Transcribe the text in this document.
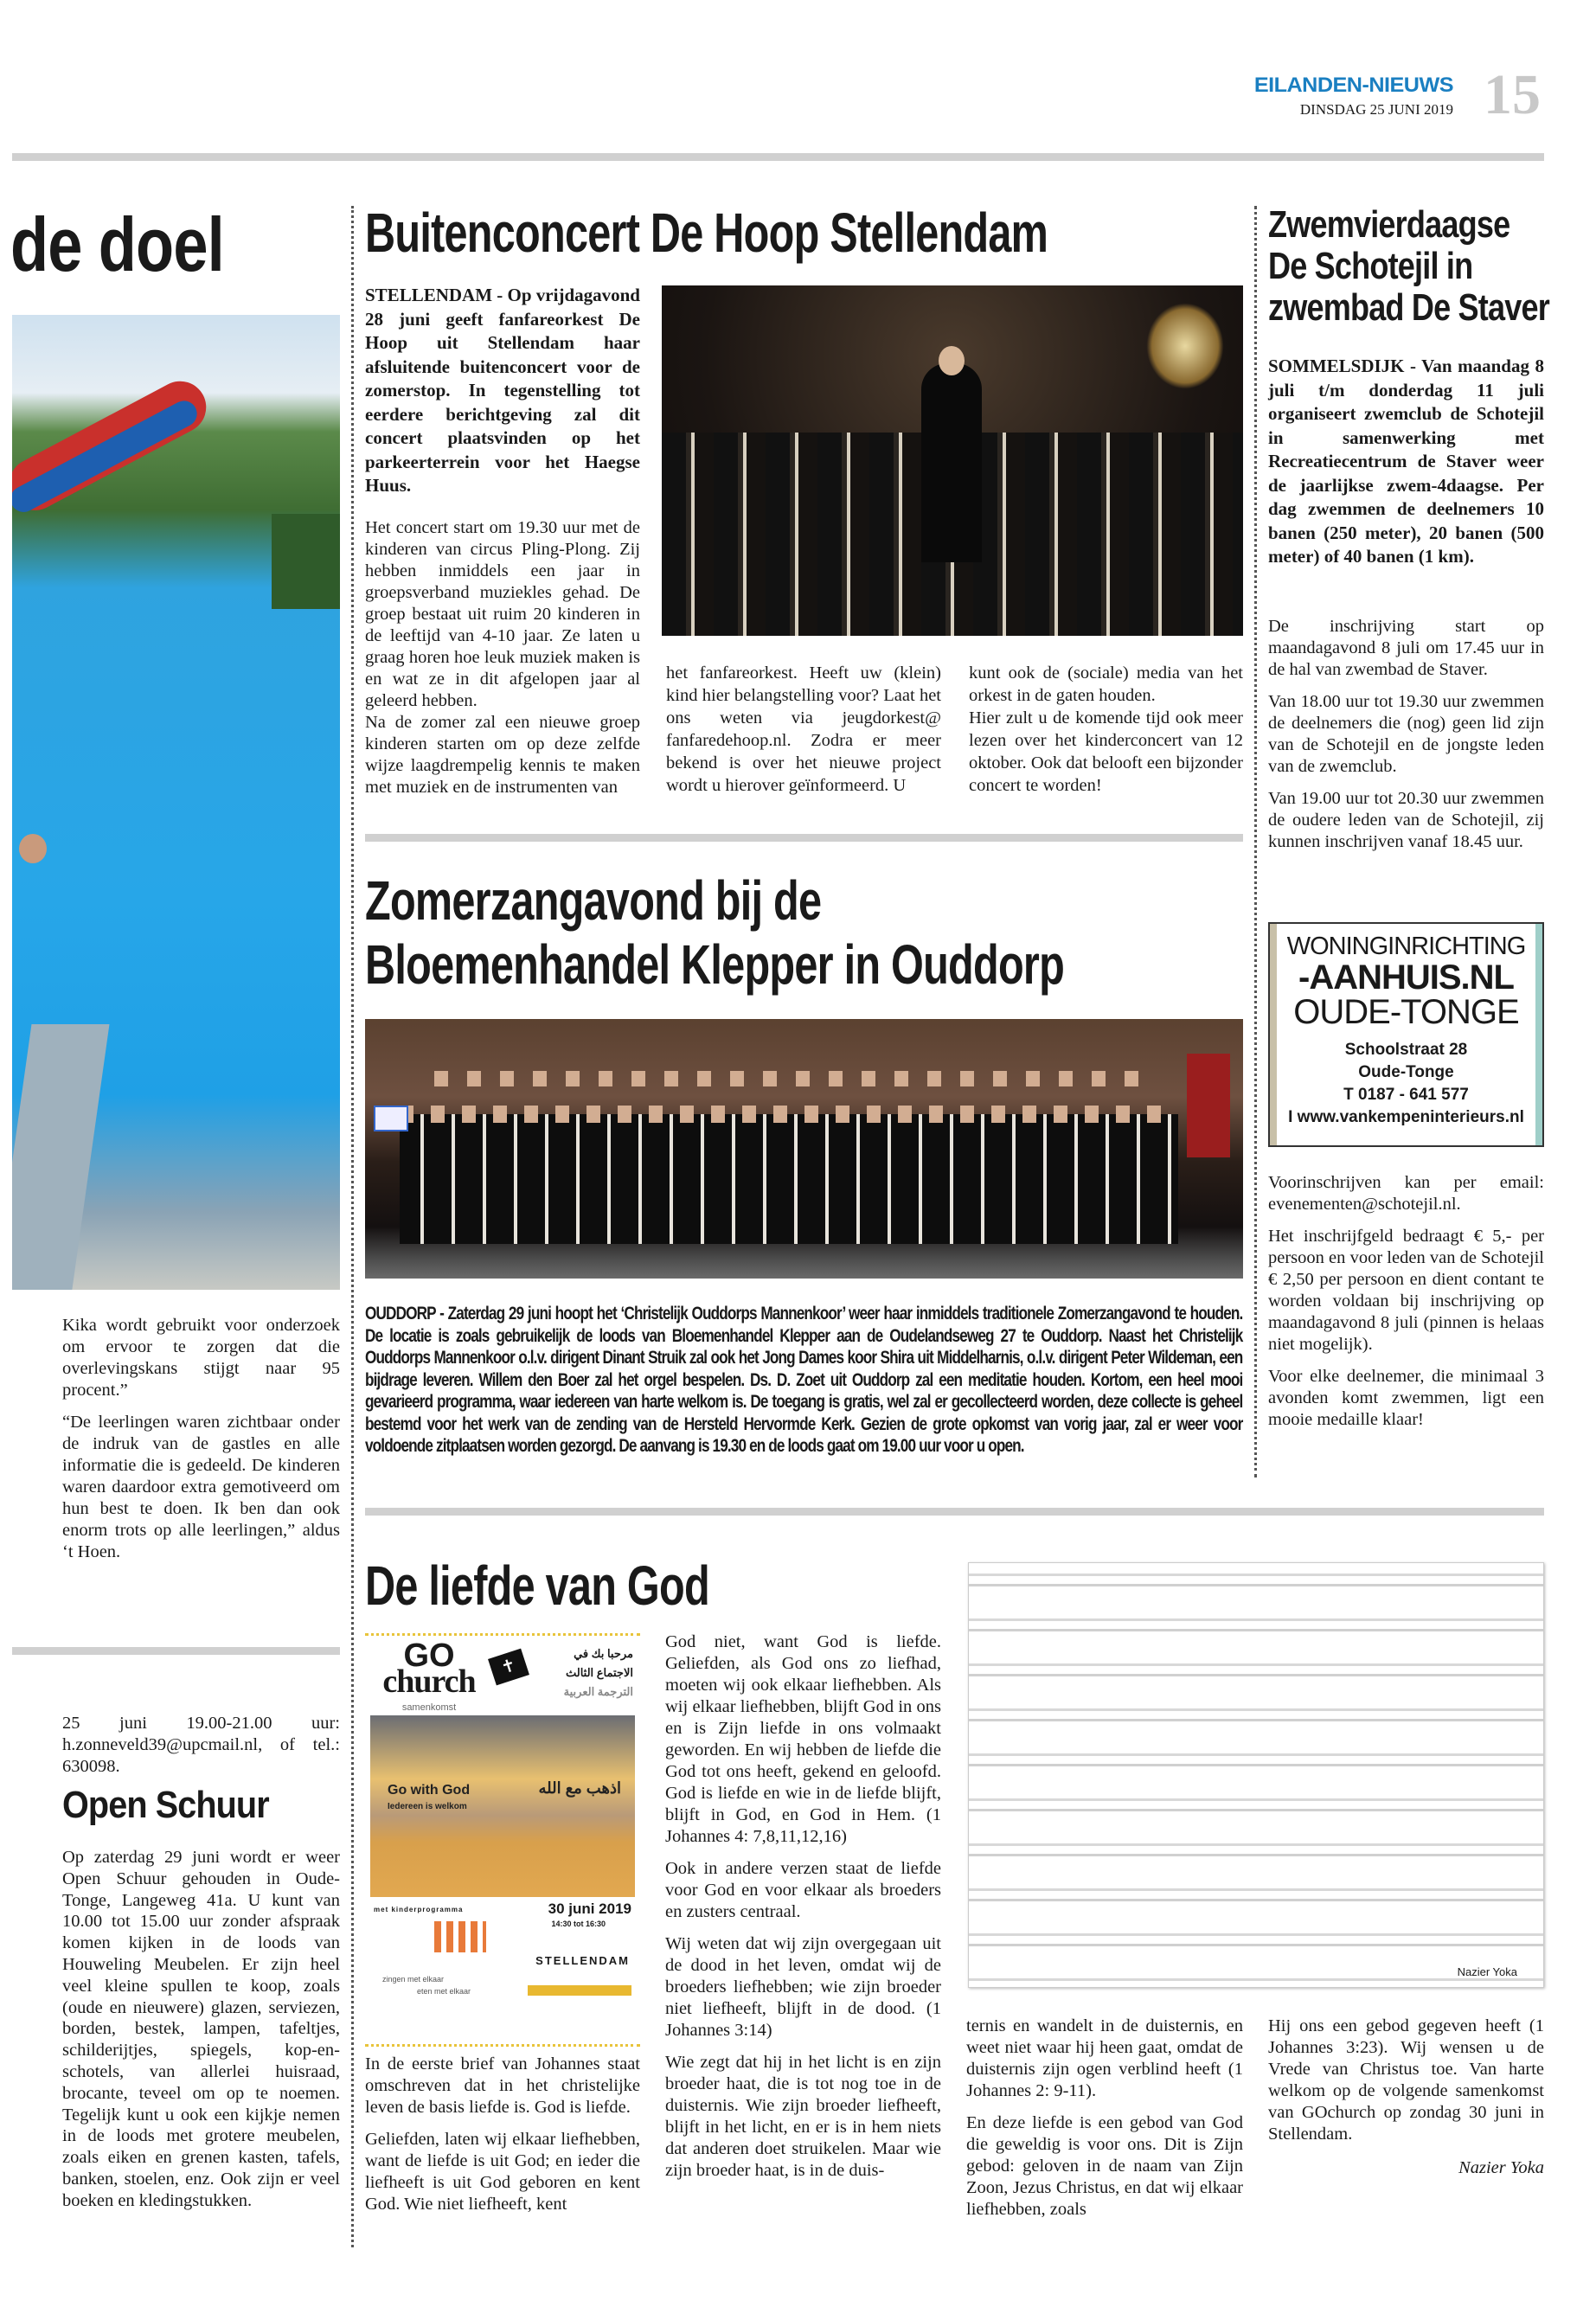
EILANDEN-NIEUWS
DINSDAG 25 JUNI 2019 15
de doel

Kika wordt gebruikt voor onderzoek om ervoor te zorgen dat die overlevingskans stijgt naar 95 procent.”

“De leerlingen waren zichtbaar onder de indruk van de gastles en alle informatie die is gedeeld. De kinderen waren daardoor extra gemotiveerd om hun best te doen. Ik ben dan ook enorm trots op alle leerlingen,” aldus ‘t Hoen.

25 juni 19.00-21.00 uur: h.zonneveld39@upcmail.nl, of tel.: 630098.
Open Schuur
Op zaterdag 29 juni wordt er weer Open Schuur gehouden in Oude-Tonge, Langeweg 41a. U kunt van 10.00 tot 15.00 uur zonder afspraak komen kijken in de loods van Houweling Meubelen. Er zijn heel veel kleine spullen te koop, zoals (oude en nieuwere) glazen, serviezen, borden, bestek, lampen, tafeltjes, schilderijtjes, spiegels, kop-en-schotels, van allerlei huisraad, brocante, teveel om op te noemen. Tegelijk kunt u ook een kijkje nemen in de loods met grotere meubelen, zoals eiken en grenen kasten, tafels, banken, stoelen, enz. Ook zijn er veel boeken en kledingstukken.
Buitenconcert De Hoop Stellendam
STELLENDAM - Op vrijdagavond 28 juni geeft fanfareorkest De Hoop uit Stellendam haar afsluitende buitenconcert voor de zomerstop. In tegenstelling tot eerdere berichtgeving zal dit concert plaatsvinden op het parkeerterrein voor het Haegse Huus.

Het concert start om 19.30 uur met de kinderen van circus Pling-Plong. Zij hebben inmiddels een jaar in groepsverband muziekles gehad. De groep bestaat uit ruim 20 kinderen in de leeftijd van 4-10 jaar. Ze laten u graag horen hoe leuk muziek maken is en wat ze in dit afgelopen jaar al geleerd hebben.

Na de zomer zal een nieuwe groep kinderen starten om op deze zelfde wijze laagdrempelig kennis te maken met muziek en de instrumenten van

het fanfareorkest. Heeft uw (klein) kind hier belangstelling voor? Laat het ons weten via jeugdorkest@ fanfaredehoop.nl. Zodra er meer bekend is over het nieuwe project wordt u hierover geïnformeerd. U

kunt ook de (sociale) media van het orkest in de gaten houden.

Hier zult u de komende tijd ook meer lezen over het kinderconcert van 12 oktober. Ook dat belooft een bijzonder concert te worden!

Zomerzangavond bij de
Bloemenhandel Klepper in Ouddorp
OUDDORP - Zaterdag 29 juni hoopt het ‘Christelijk Ouddorps Mannenkoor’ weer haar inmiddels traditionele Zomerzangavond te houden. De locatie is zoals gebruikelijk de loods van Bloemenhandel Klepper aan de Oudelandseweg 27 te Ouddorp. Naast het Christelijk Ouddorps Mannenkoor o.l.v. dirigent Dinant Struik zal ook het Jong Dames koor Shira uit Middelharnis, o.l.v. dirigent Peter Wildeman, een bijdrage leveren. Willem den Boer zal het orgel bespelen. Ds. D. Zoet uit Ouddorp zal een meditatie houden. Kortom, een heel mooi gevarieerd programma, waar iedereen van harte welkom is. De toegang is gratis, wel zal er gecollecteerd worden, deze collecte is geheel bestemd voor het werk van de zending van de Hersteld Hervormde Kerk. Gezien de grote opkomst van vorig jaar, zal er weer voor voldoende zitplaatsen worden gezorgd. De aanvang is 19.30 en de loods gaat om 19.00 uur voor u open.
Zwemvierdaagse
De Schotejil in
zwembad De Staver
SOMMELSDIJK - Van maandag 8 juli t/m donderdag 11 juli organiseert zwemclub de Schotejil in samenwerking met Recreatiecentrum de Staver weer de jaarlijkse zwem-4daagse. Per dag zwemmen de deelnemers 10 banen (250 meter), 20 banen (500 meter) of 40 banen (1 km).

De inschrijving start op maandagavond 8 juli om 17.45 uur in de hal van zwembad de Staver.

Van 18.00 uur tot 19.30 uur zwemmen de deelnemers die (nog) geen lid zijn van de Schotejil en de jongste leden van de zwemclub.

Van 19.00 uur tot 20.30 uur zwemmen de oudere leden van de Schotejil, zij kunnen inschrijven vanaf 18.45 uur.

WONINGINRICHTING
-AANHUIS.NL
OUDE-TONGE
Schoolstraat 28
Oude-Tonge
T 0187 - 641 577
I www.vankempeninterieurs.nl

Voorinschrijven kan per email: evenementen@schotejil.nl.

Het inschrijfgeld bedraagt € 5,- per persoon en voor leden van de Schotejil € 2,50 per persoon en dient contant te worden voldaan bij inschrijving op maandagavond 8 juli (pinnen is helaas niet mogelijk).

Voor elke deelnemer, die minimaal 3 avonden komt zwemmen, ligt een mooie medaille klaar!

De liefde van God
GO
church
samenkomst
✝
مرحبا بك في
الاجتماع الثالث
الترجمة العربية
Go with God	اذهب مع الله
Iedereen is welkom
met kinderprogramma	30 juni 2019
14:30 tot 16:30
STELLENDAM
zingen met elkaar
eten met elkaar

In de eerste brief van Johannes staat omschreven dat in het christelijke leven de basis liefde is. God is liefde.

Geliefden, laten wij elkaar liefhebben, want de liefde is uit God; en ieder die liefheeft is uit God geboren en kent God. Wie niet liefheeft, kent

God niet, want God is liefde. Geliefden, als God ons zo liefhad, moeten wij ook elkaar liefhebben. Als wij elkaar liefhebben, blijft God in ons en is Zijn liefde in ons volmaakt geworden. En wij hebben de liefde die God tot ons heeft, gekend en geloofd. God is liefde en wie in de liefde blijft, blijft in God, en God in Hem. (1 Johannes 4: 7,8,11,12,16)

Ook in andere verzen staat de liefde voor God en voor elkaar als broeders en zusters centraal.

Wij weten dat wij zijn overgegaan uit de dood in het leven, omdat wij de broeders liefhebben; wie zijn broeder niet liefheeft, blijft in de dood. (1 Johannes 3:14)

Wie zegt dat hij in het licht is en zijn broeder haat, die is tot nog toe in de duisternis. Wie zijn broeder liefheeft, blijft in het licht, en er is in hem niets dat anderen doet struikelen. Maar wie zijn broeder haat, is in de duis-

Nazier Yoka

ternis en wandelt in de duisternis, en weet niet waar hij heen gaat, omdat de duisternis zijn ogen verblind heeft (1 Johannes 2: 9-11).

En deze liefde is een gebod van God die geweldig is voor ons. Dit is Zijn gebod: geloven in de naam van Zijn Zoon, Jezus Christus, en dat wij elkaar liefhebben, zoals

Hij ons een gebod gegeven heeft (1 Johannes 3:23). Wij wensen u de Vrede van Christus toe. Van harte welkom op de volgende samenkomst van GOchurch op zondag 30 juni in Stellendam.

Nazier Yoka
